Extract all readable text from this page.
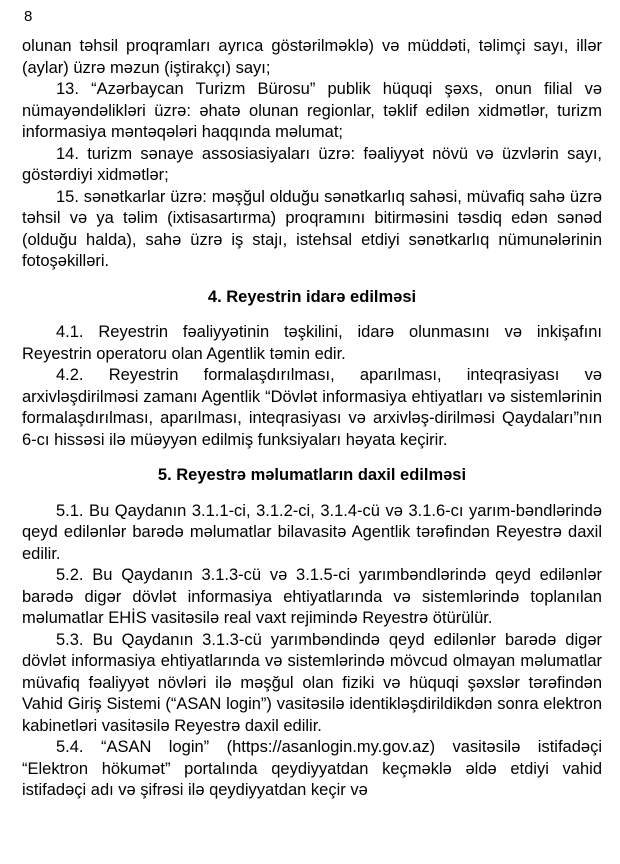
8

olunan təhsil proqramları ayrıca göstərilməklə) və müddəti, təlimçi sayı, illər (aylar) üzrə məzun (iştirakçı) sayı;

13. “Azərbaycan Turizm Bürosu” publik hüquqi şəxs, onun filial və nümayəndəlikləri üzrə: əhatə olunan regionlar, təklif edilən xidmətlər, turizm informasiya məntəqələri haqqında məlumat;

14. turizm sənaye assosiasiyaları üzrə: fəaliyyət növü və üzvlərin sayı, göstərdiyi xidmətlər;

15. sənətkarlar üzrə: məşğul olduğu sənətkarlıq sahəsi, müvafiq sahə üzrə təhsil və ya təlim (ixtisasartırma) proqramını bitirməsini təsdiq edən sənəd (olduğu halda), sahə üzrə iş stajı, istehsal etdiyi sənətkarlıq nümunələrinin fotoşəkilləri.

4. Reyestrin idarə edilməsi

4.1. Reyestrin fəaliyyətinin təşkilini, idarə olunmasını və inkişafını Reyestrin operatoru olan Agentlik təmin edir.

4.2. Reyestrin formalaşdırılması, aparılması, inteqrasiyası və arxivləşdirilməsi zamanı Agentlik “Dövlət informasiya ehtiyatları və sistemlərinin formalaşdırılması, aparılması, inteqrasiyası və arxivləş-dirilməsi Qaydaları”nın 6-cı hissəsi ilə müəyyən edilmiş funksiyaları həyata keçirir.

5. Reyestrə məlumatların daxil edilməsi

5.1. Bu Qaydanın 3.1.1-ci, 3.1.2-ci, 3.1.4-cü və 3.1.6-cı yarım-bəndlərində qeyd edilənlər barədə məlumatlar bilavasitə Agentlik tərəfindən Reyestrə daxil edilir.

5.2. Bu Qaydanın 3.1.3-cü və 3.1.5-ci yarımbəndlərində qeyd edilənlər barədə digər dövlət informasiya ehtiyatlarında və sistemlərində toplanılan məlumatlar EHİS vasitəsilə real vaxt rejimində Reyestrə ötürülür.

5.3. Bu Qaydanın 3.1.3-cü yarımbəndində qeyd edilənlər barədə digər dövlət informasiya ehtiyatlarında və sistemlərində mövcud olmayan məlumatlar müvafiq fəaliyyət növləri ilə məşğul olan fiziki və hüquqi şəxslər tərəfindən Vahid Giriş Sistemi (“ASAN login”) vasitəsilə identikləşdirildikdən sonra elektron kabinetləri vasitəsilə Reyestrə daxil edilir.

5.4. “ASAN login” (https://asanlogin.my.gov.az) vasitəsilə istifadəçi “Elektron hökumət” portalında qeydiyyatdan keçməklə əldə etdiyi vahid istifadəçi adı və şifrəsi ilə qeydiyyatdan keçir və
